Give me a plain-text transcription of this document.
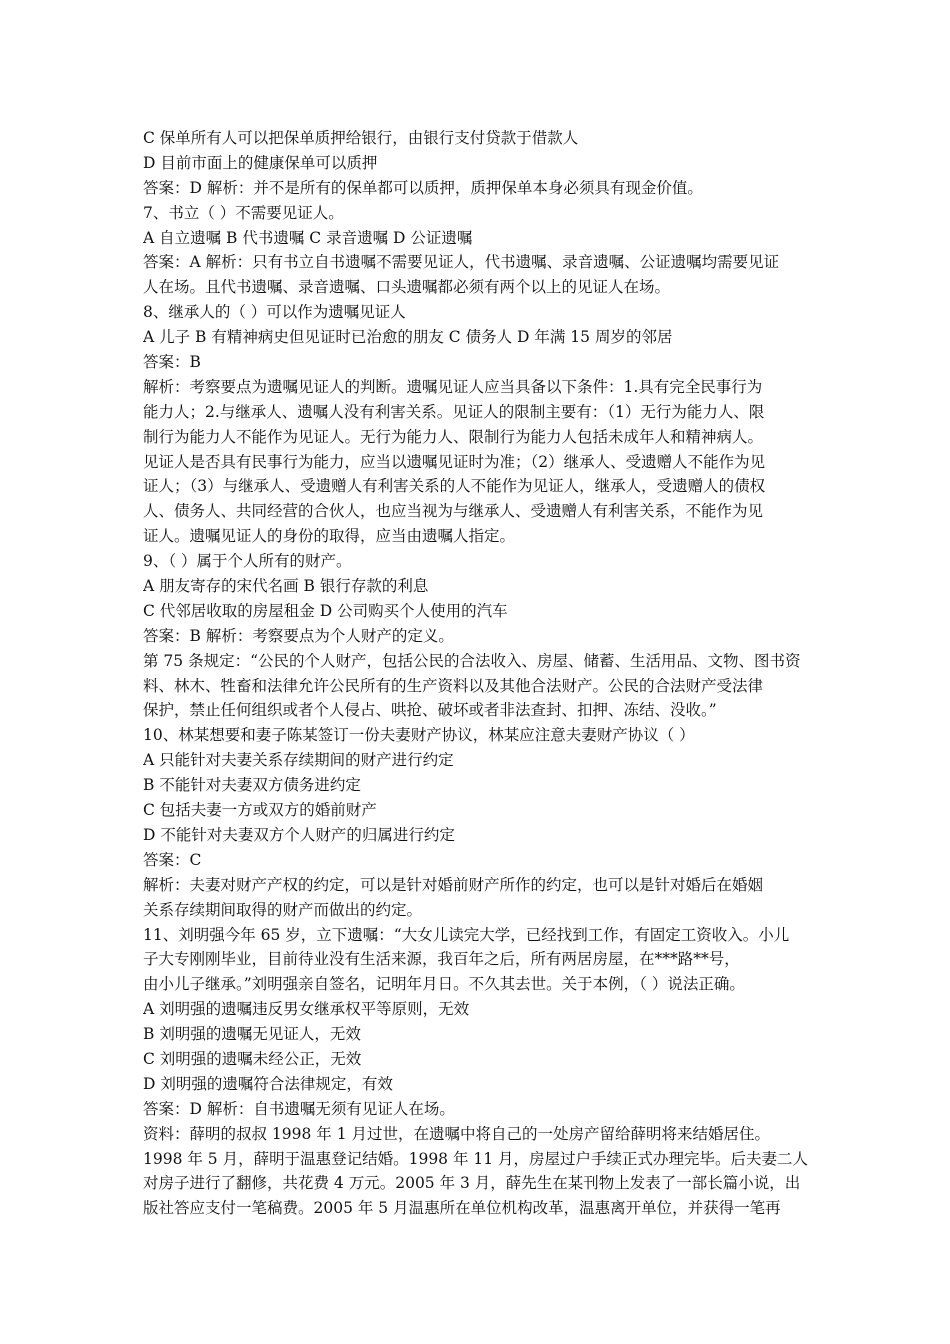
C 保单所有人可以把保单质押给银行，由银行支付贷款于借款人
D 目前市面上的健康保单可以质押
答案：D 解析：并不是所有的保单都可以质押，质押保单本身必须具有现金价值。
7、书立（ ）不需要见证人。
A 自立遗嘱 B 代书遗嘱 C 录音遗嘱 D 公证遗嘱
答案：A 解析：只有书立自书遗嘱不需要见证人，代书遗嘱、录音遗嘱、公证遗嘱均需要见证
人在场。且代书遗嘱、录音遗嘱、口头遗嘱都必须有两个以上的见证人在场。
8、继承人的（ ）可以作为遗嘱见证人
A 儿子 B 有精神病史但见证时已治愈的朋友 C 债务人 D 年满 15 周岁的邻居
答案：B
解析：考察要点为遗嘱见证人的判断。遗嘱见证人应当具备以下条件：1.具有完全民事行为
能力人；2.与继承人、遗嘱人没有利害关系。见证人的限制主要有：（1）无行为能力人、限
制行为能力人不能作为见证人。无行为能力人、限制行为能力人包括未成年人和精神病人。
见证人是否具有民事行为能力，应当以遗嘱见证时为准；（2）继承人、受遗赠人不能作为见
证人；（3）与继承人、受遗赠人有利害关系的人不能作为见证人，继承人，受遗赠人的债权
人、债务人、共同经营的合伙人，也应当视为与继承人、受遗赠人有利害关系，不能作为见
证人。遗嘱见证人的身份的取得，应当由遗嘱人指定。
9、（ ）属于个人所有的财产。
A 朋友寄存的宋代名画 B 银行存款的利息
C 代邻居收取的房屋租金 D 公司购买个人使用的汽车
答案：B 解析：考察要点为个人财产的定义。
第 75 条规定：“公民的个人财产，包括公民的合法收入、房屋、储蓄、生活用品、文物、图书资
料、林木、牲畜和法律允许公民所有的生产资料以及其他合法财产。公民的合法财产受法律
保护，禁止任何组织或者个人侵占、哄抢、破坏或者非法查封、扣押、冻结、没收。”
10、林某想要和妻子陈某签订一份夫妻财产协议，林某应注意夫妻财产协议（ ）
A 只能针对夫妻关系存续期间的财产进行约定
B 不能针对夫妻双方债务进约定
C 包括夫妻一方或双方的婚前财产
D 不能针对夫妻双方个人财产的归属进行约定
答案：C
解析：夫妻对财产产权的约定，可以是针对婚前财产所作的约定，也可以是针对婚后在婚姻
关系存续期间取得的财产而做出的约定。
11、刘明强今年 65 岁，立下遗嘱：“大女儿读完大学，已经找到工作，有固定工资收入。小儿
子大专刚刚毕业，目前待业没有生活来源，我百年之后，所有两居房屋，在***路**号，
由小儿子继承。”刘明强亲自签名，记明年月日。不久其去世。关于本例，（ ）说法正确。
A 刘明强的遗嘱违反男女继承权平等原则，无效
B 刘明强的遗嘱无见证人，无效
C 刘明强的遗嘱未经公正，无效
D 刘明强的遗嘱符合法律规定，有效
答案：D 解析：自书遗嘱无须有见证人在场。
资料：薛明的叔叔 1998 年 1 月过世，在遗嘱中将自己的一处房产留给薛明将来结婚居住。
1998 年 5 月，薛明于温惠登记结婚。1998 年 11 月，房屋过户手续正式办理完毕。后夫妻二人
对房子进行了翻修，共花费 4 万元。2005 年 3 月，薛先生在某刊物上发表了一部长篇小说，出
版社答应支付一笔稿费。2005 年 5 月温惠所在单位机构改革，温惠离开单位，并获得一笔再
